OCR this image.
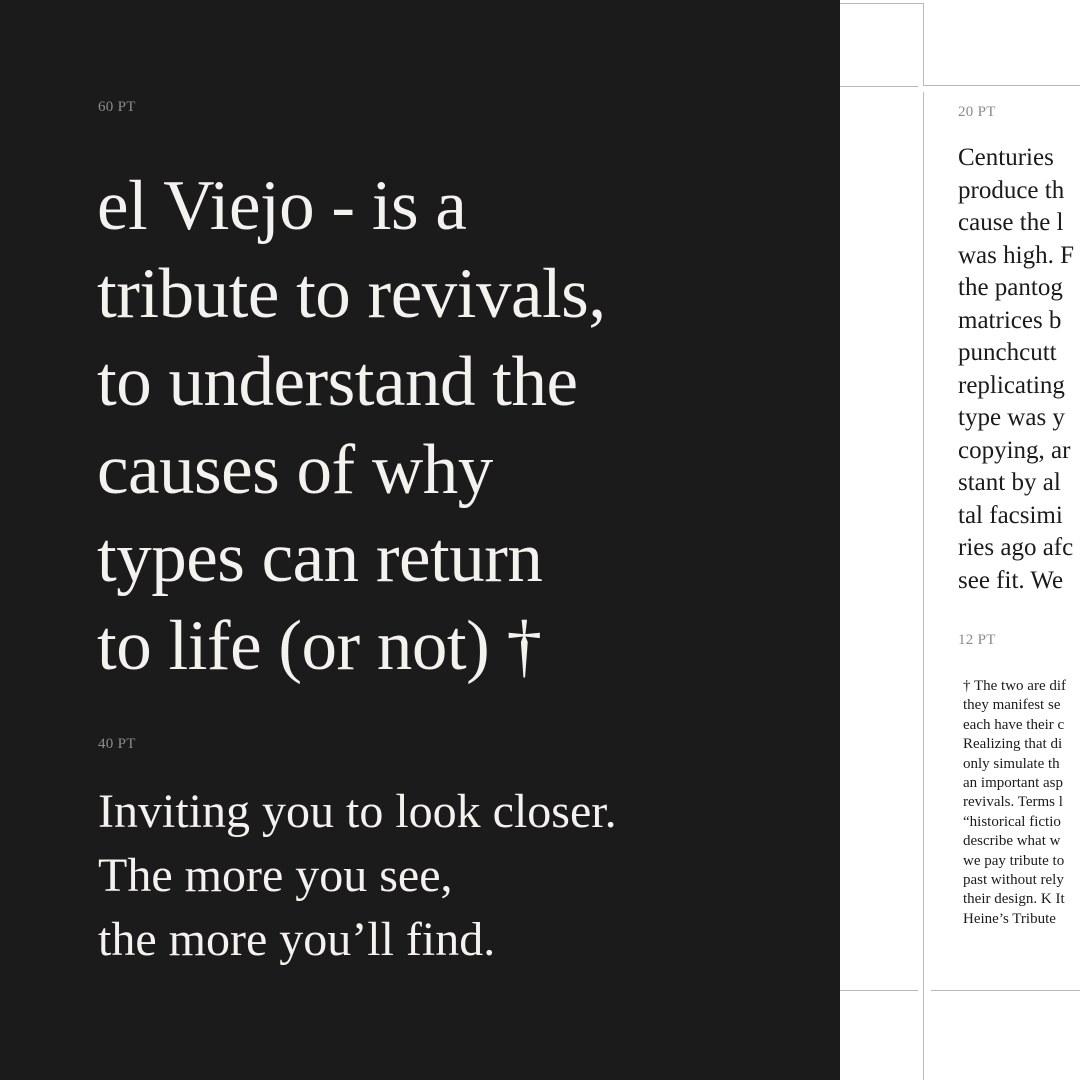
60 PT
el Viejo - is a
tribute to revivals,
to understand the
causes of why
types can return
to life (or not) †
40 PT

Inviting you to look closer.
The more you see,
the more you’ll find.

20 PT
Centuries
produce th
cause the l
was high. F
the pantog
matrices b
punchcutt
replicating
type was y
copying, ar
stant by al
tal facsimi
ries ago afc
see fit. We
12 PT
† The two are dif
they manifest se
each have their c
Realizing that di
only simulate th
an important asp
revivals. Terms l
“historical fictio
describe what w
we pay tribute to
past without rely
their design. K It
Heine’s Tribute
